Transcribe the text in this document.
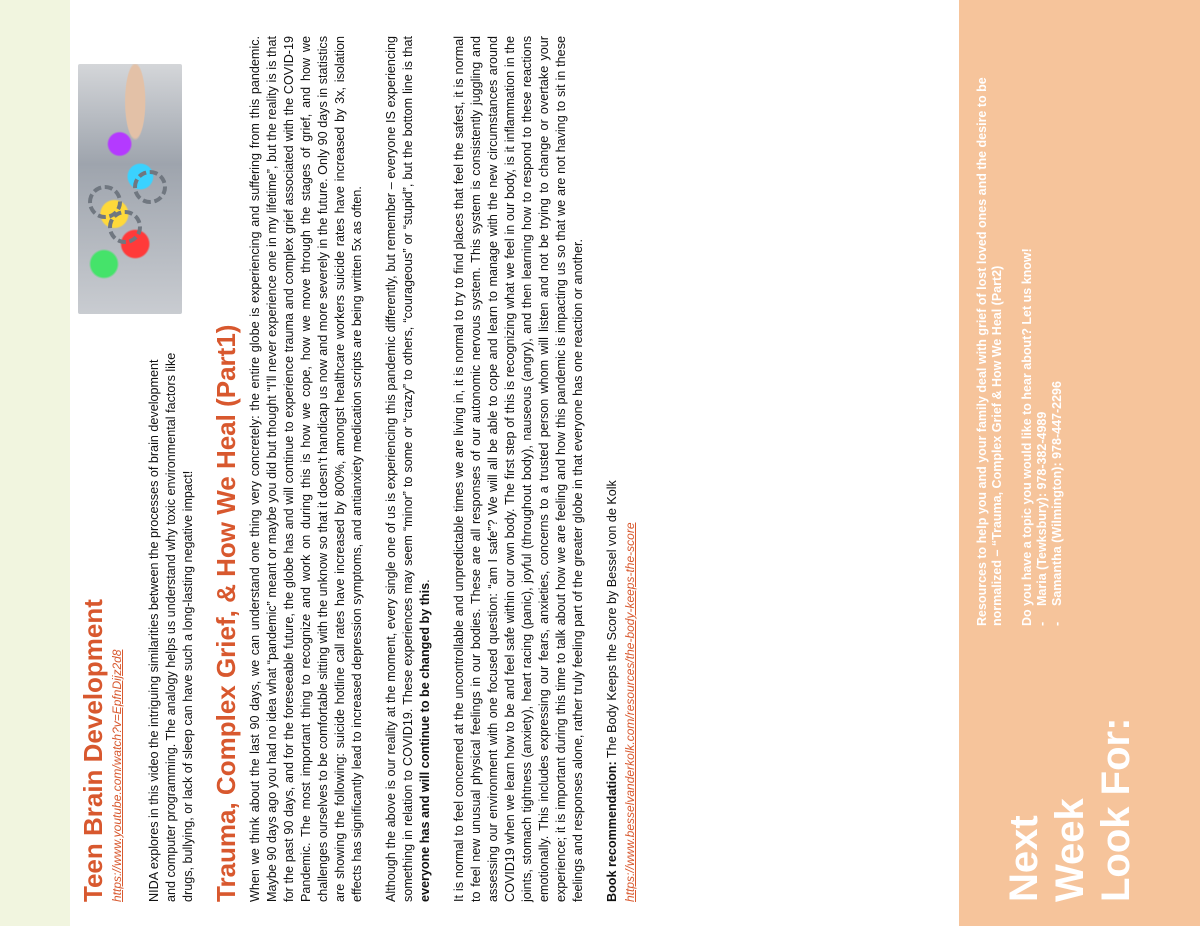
Teen Brain Development https://www.youtube.com/watch?v=EpfnDijz2d8 NIDA explores in this video the intriguing similarities between the processes of brain development and computer programming. The analogy helps us understand why toxic environmental factors like drugs, bullying, or lack of sleep can have such a long-lasting negative impact! Trauma, Complex Grief, & How We Heal (Part1) When we think about the last 90 days, we can understand one thing very concretely: the entire globe is experiencing and suffering from this pandemic. Maybe 90 days ago you had no idea what “pandemic” meant or maybe you did but thought “I’ll never experience one in my lifetime”, but the reality is is that for the past 90 days, and for the foreseeable future, the globe has and will continue to experience trauma and complex grief associated with the COVID-19 Pandemic. The most important thing to recognize and work on during this is how we cope, how we move through the stages of grief, and how we challenges ourselves to be comfortable sitting with the unknow so that it doesn’t handicap us now and more severely in the future. Only 90 days in statistics are showing the following: suicide hotline call rates have increased by 800%, amongst healthcare workers suicide rates have increased by 3x, isolation effects has significantly lead to increased depression symptoms, and antianxiety medication scripts are being written 5x as often. Although the above is our reality at the moment, every single one of us is experiencing this pandemic differently, but remember – everyone IS experiencing something in relation to COVID19. These experiences may seem “minor” to some or “crazy” to others, “courageous” or “stupid”, but the bottom line is that everyone has and will continue to be changed by this. It is normal to feel concerned at the uncontrollable and unpredictable times we are living in, it is normal to try to find places that feel the safest, it is normal to feel new unusual physical feelings in our bodies. These are all responses of our autonomic nervous system. This system is consistently juggling and assessing our environment with one focused question: “am I safe”? We will all be able to cope and learn to manage with the new circumstances around COVID19 when we learn how to be and feel safe within our own body. The first step of this is recognizing what we feel in our body, is it inflammation in the joints, stomach tightness (anxiety), heart racing (panic), joyful (throughout body), nauseous (angry), and then learning how to respond to these reactions emotionally. This includes expressing our fears, anxieties, concerns to a trusted person whom will listen and not be trying to change or overtake your experience; it is important during this time to talk about how we are feeling and how this pandemic is impacting us so that we are not having to sit in these feelings and responses alone, rather truly feeling part of the greater globe in that everyone has one reaction or another. Book recommendation: The Body Keeps the Score by Bessel von de Kolk https://www.besselvanderkolk.com/resources/the-body-keeps-the-score	Next Week Look For:
Resources to help you and your family deal with grief of lost loved ones and the desire to be normalized – “Trauma, Complex Grief & How We Heal (Part2) Do you have a topic you would like to hear about? Let us know! - Maria (Tewksbury): 978-382-4989 - Samantha (Wilmington): 978-447-2296
